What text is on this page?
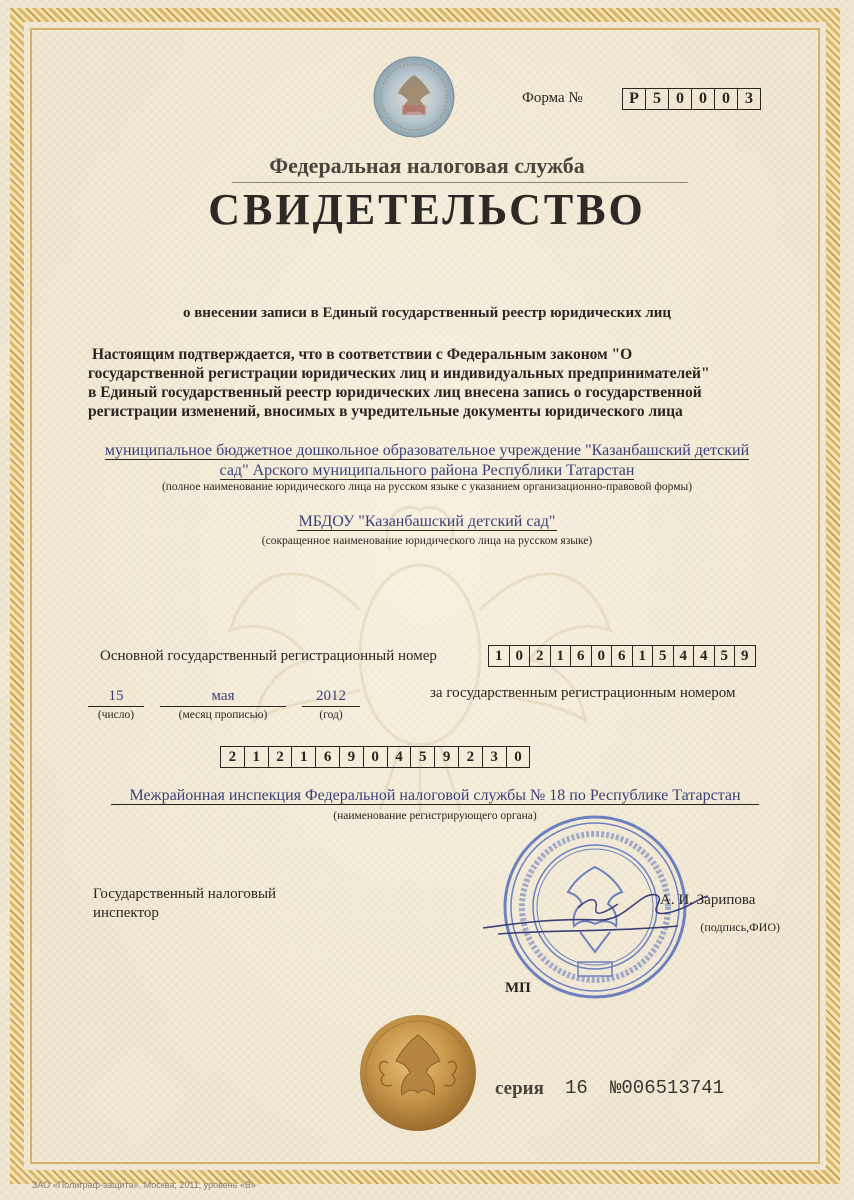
Форма №	Р 5 0 0 0 3
Федеральная налоговая служба
СВИДЕТЕЛЬСТВО
о внесении записи в Единый государственный реестр юридических лиц
Настоящим подтверждается, что в соответствии с Федеральным законом "О
государственной регистрации юридических лиц и индивидуальных предпринимателей"
в Единый государственный реестр юридических лиц внесена запись о государственной
регистрации изменений, вносимых в учредительные документы юридического лица
муниципальное бюджетное дошкольное образовательное учреждение "Казанбашский детский
сад" Арского муниципального района Республики Татарстан
(полное наименование юридического лица на русском языке с указанием организационно-правовой формы)
МБДОУ "Казанбашский детский сад"
(сокращенное наименование юридического лица на русском языке)
Основной государственный регистрационный номер	1 0 2 1 6 0 6 1 5 4 4 5 9
15
(число)
мая
(месяц прописью)
2012
(год)
за государственным регистрационным номером
2	1	2	1	6	9	0	4	5	9	2	3	0
Межрайонная инспекция Федеральной налоговой службы № 18 по Республике Татарстан
(наименование регистрирующего органа)
Государственный налоговый
инспектор
А. И. Зарипова
(подпись,ФИО)
МП
серия 16 №006513741
ЗАО «Полиграф-защита», Москва, 2011, уровень «В»
